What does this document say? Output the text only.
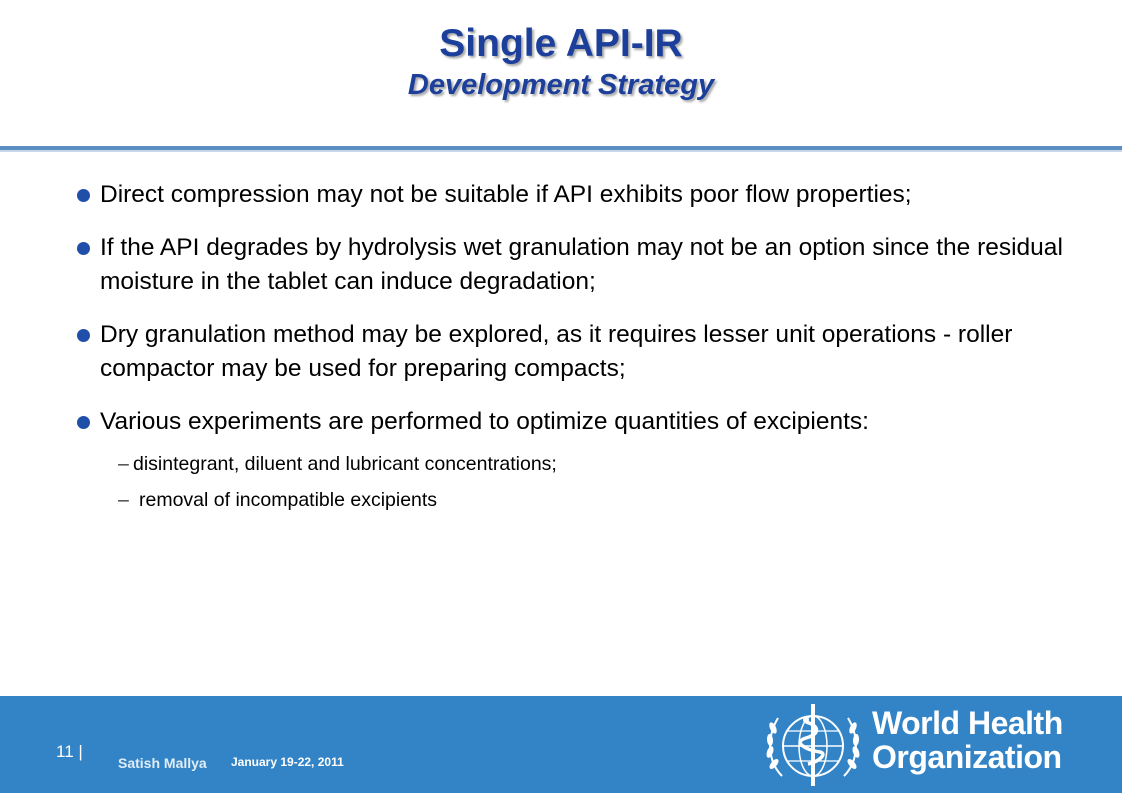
Single API-IR
Development Strategy
Direct compression may not be suitable if API exhibits poor flow properties;
If the API degrades by hydrolysis wet granulation may not be an option since the residual moisture in the tablet can induce degradation;
Dry granulation method may be explored, as it requires lesser unit operations - roller compactor may be used for preparing compacts;
Various experiments are performed to optimize quantities of excipients:
– disintegrant, diluent and lubricant concentrations;
– removal of incompatible excipients
11 |
Satish Mallya January 19-22, 2011
World Health
Organization
